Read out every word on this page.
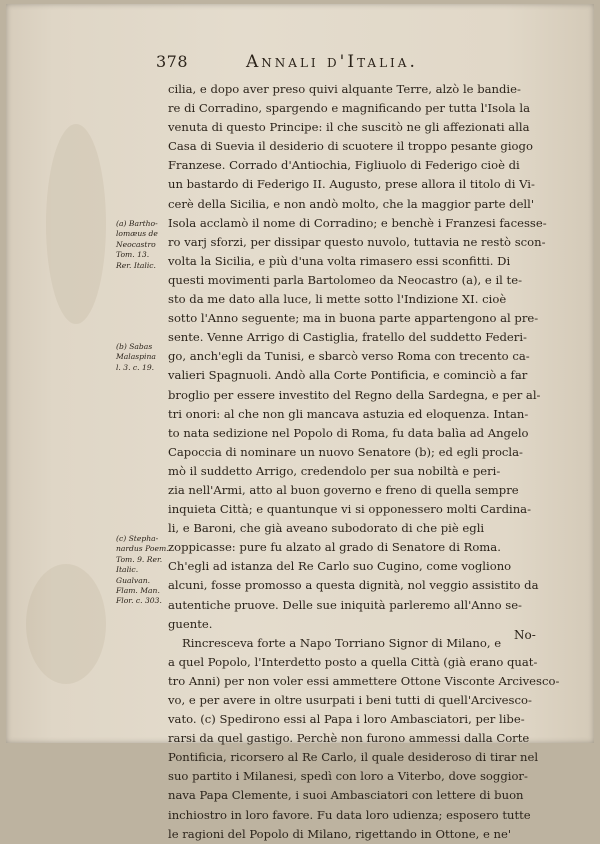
378	Annali d'Italia.
(a) Bartho-
lomæus de
Neocastro
Tom. 13.
Rer. Italic.
(b) Sabas
Malaspina
l. 3. c. 19.
(c) Stepha-
nardus Poem.
Tom. 9. Rer.
Italic.
Gualvan.
Flam. Man.
Flor. c. 303.
cilia, e dopo aver preso quivi alquante Terre, alzò le bandie-
re di Corradino, spargendo e magnificando per tutta l'Isola la
venuta di questo Principe: il che suscitò ne gli affezionati alla
Casa di Suevia il desiderio di scuotere il troppo pesante giogo
Franzese. Corrado d'Antiochia, Figliuolo di Federigo cioè di
un bastardo di Federigo II. Augusto, prese allora il titolo di Vi-
cerè della Sicilia, e non andò molto, che la maggior parte dell'
Isola acclamò il nome di Corradino; e benchè i Franzesi facesse-
ro varj sforzi, per dissipar questo nuvolo, tuttavia ne restò scon-
volta la Sicilia, e più d'una volta rimasero essi sconfitti. Di
questi movimenti parla Bartolomeo da Neocastro (a), e il te-
sto da me dato alla luce, li mette sotto l'Indizione XI. cioè
sotto l'Anno seguente; ma in buona parte appartengono al pre-
sente. Venne Arrigo di Castiglia, fratello del suddetto Federi-
go, anch'egli da Tunisi, e sbarcò verso Roma con trecento ca-
valieri Spagnuoli. Andò alla Corte Pontificia, e cominciò a far
broglio per essere investito del Regno della Sardegna, e per al-
tri onori: al che non gli mancava astuzia ed eloquenza. Intan-
to nata sedizione nel Popolo di Roma, fu data balìa ad Angelo
Capoccia di nominare un nuovo Senatore (b); ed egli procla-
mò il suddetto Arrigo, credendolo per sua nobiltà e peri-
zia nell'Armi, atto al buon governo e freno di quella sempre
inquieta Città; e quantunque vi si opponessero molti Cardina-
li, e Baroni, che già aveano subodorato di che piè egli
zoppicasse: pure fu alzato al grado di Senatore di Roma.
Ch'egli ad istanza del Re Carlo suo Cugino, come vogliono
alcuni, fosse promosso a questa dignità, nol veggio assistito da
autentiche pruove. Delle sue iniquità parleremo all'Anno se-
guente.
Rincresceva forte a Napo Torriano Signor di Milano, e
a quel Popolo, l'Interdetto posto a quella Città (già erano quat-
tro Anni) per non voler essi ammettere Ottone Visconte Arcivesco-
vo, e per avere in oltre usurpati i beni tutti di quell'Arcivesco-
vato. (c) Spedirono essi al Papa i loro Ambasciatori, per libe-
rarsi da quel gastigo. Perchè non furono ammessi dalla Corte
Pontificia, ricorsero al Re Carlo, il quale desideroso di tirar nel
suo partito i Milanesi, spedì con loro a Viterbo, dove soggior-
nava Papa Clemente, i suoi Ambasciatori con lettere di buon
inchiostro in loro favore. Fu data loro udienza; esposero tutte
le ragioni del Popolo di Milano, rigettando in Ottone, e ne'
No-
